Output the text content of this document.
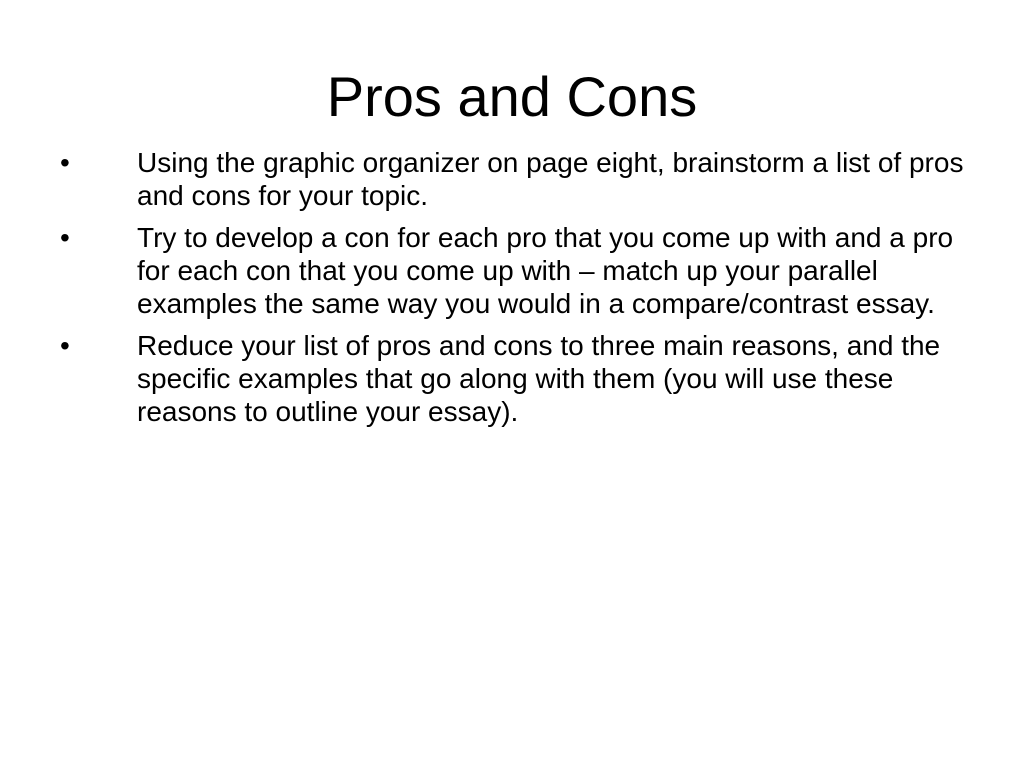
Pros and Cons
•	Using the graphic organizer on page eight, brainstorm a list of pros and cons for your topic.
•	Try to develop a con for each pro that you come up with and a pro for each con that you come up with – match up your parallel examples the same way you would in a compare/contrast essay.
•	Reduce your list of pros and cons to three main reasons, and the specific examples that go along with them (you will use these reasons to outline your essay).
